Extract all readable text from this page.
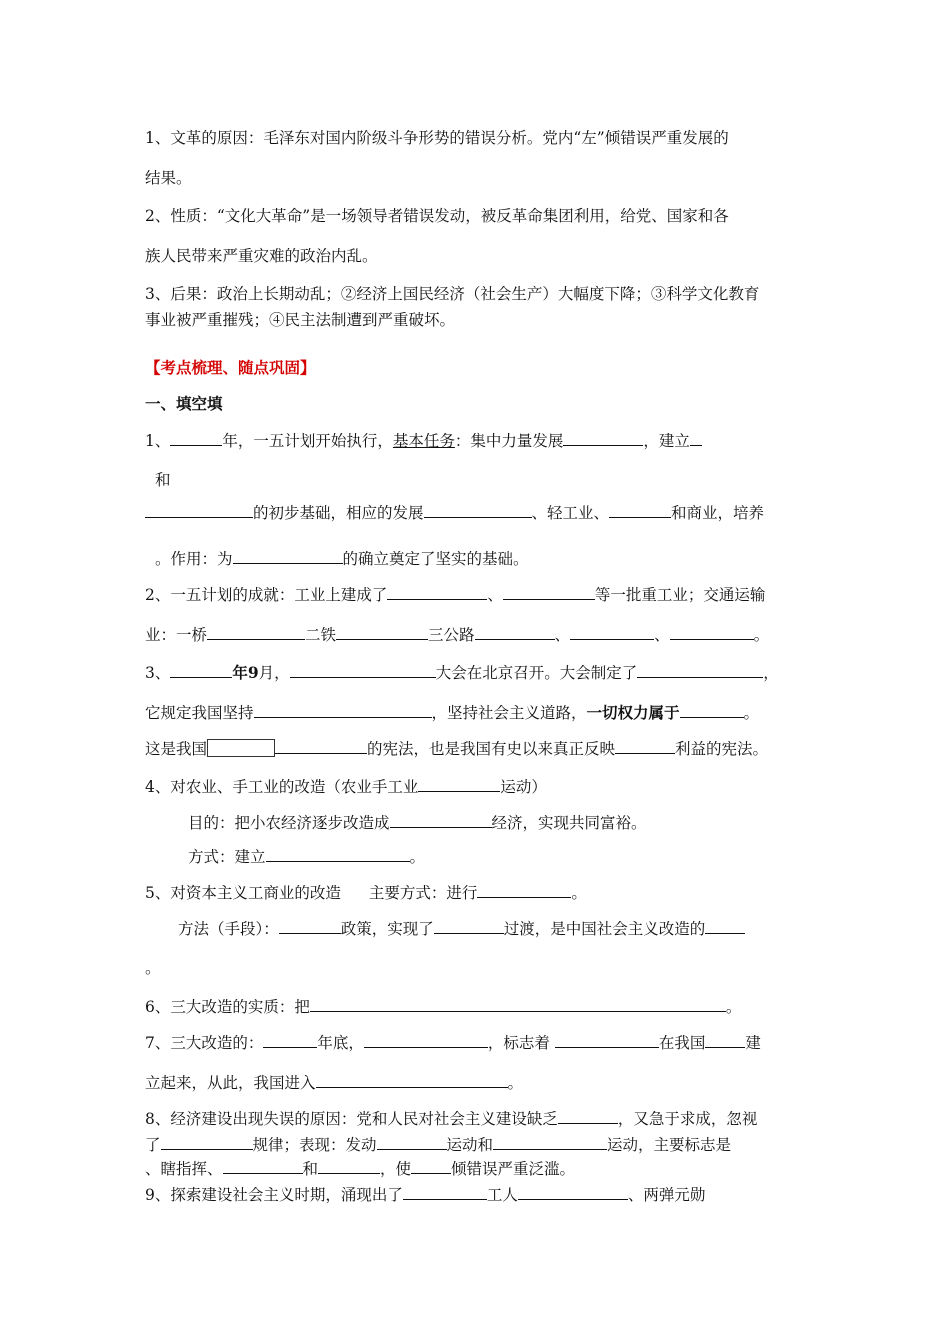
1、文革的原因：毛泽东对国内阶级斗争形势的错误分析。党内“左”倾错误严重发展的
结果。
2、性质：“文化大革命”是一场领导者错误发动，被反革命集团利用，给党、国家和各
族人民带来严重灾难的政治内乱。
3、后果：政治上长期动乱；②经济上国民经济（社会生产）大幅度下降；③科学文化教育
事业被严重摧残；④民主法制遭到严重破坏。
【考点梳理、随点巩固】
一、填空填
1、	年，一五计划开始执行，基本任务：集中力量发展	，建立
和
的初步基础，相应的发展	、轻工业、	和商业，培养
。作用：为	的确立奠定了坚实的基础。
2、一五计划的成就：工业上建成了	、	等一批重工业；交通运输
业：一桥	二铁	三公路	、	、	。
3、	年9月，	大会在北京召开。大会制定了	，
它规定我国坚持	，坚持社会主义道路，一切权力属于	。
这是我国	的宪法，也是我国有史以来真正反映	利益的宪法。
4、对农业、手工业的改造（农业手工业	运动）
目的：把小农经济逐步改造成	经济，实现共同富裕。
方式：建立	。
5、对资本主义工商业的改造 主要方式：进行	。
方法（手段）：	政策，实现了	过渡，是中国社会主义改造的
。
6、三大改造的实质：把	。
7、三大改造的：	年底，	，标志着	在我国	建
立起来，从此，我国进入	。
8、经济建设出现失误的原因：党和人民对社会主义建设缺乏	，又急于求成，忽视
了	规律；表现：发动	运动和	运动，主要标志是
、瞎指挥、	和	，使	倾错误严重泛滥。
9、探索建设社会主义时期，涌现出了	工人	、两弹元勋
